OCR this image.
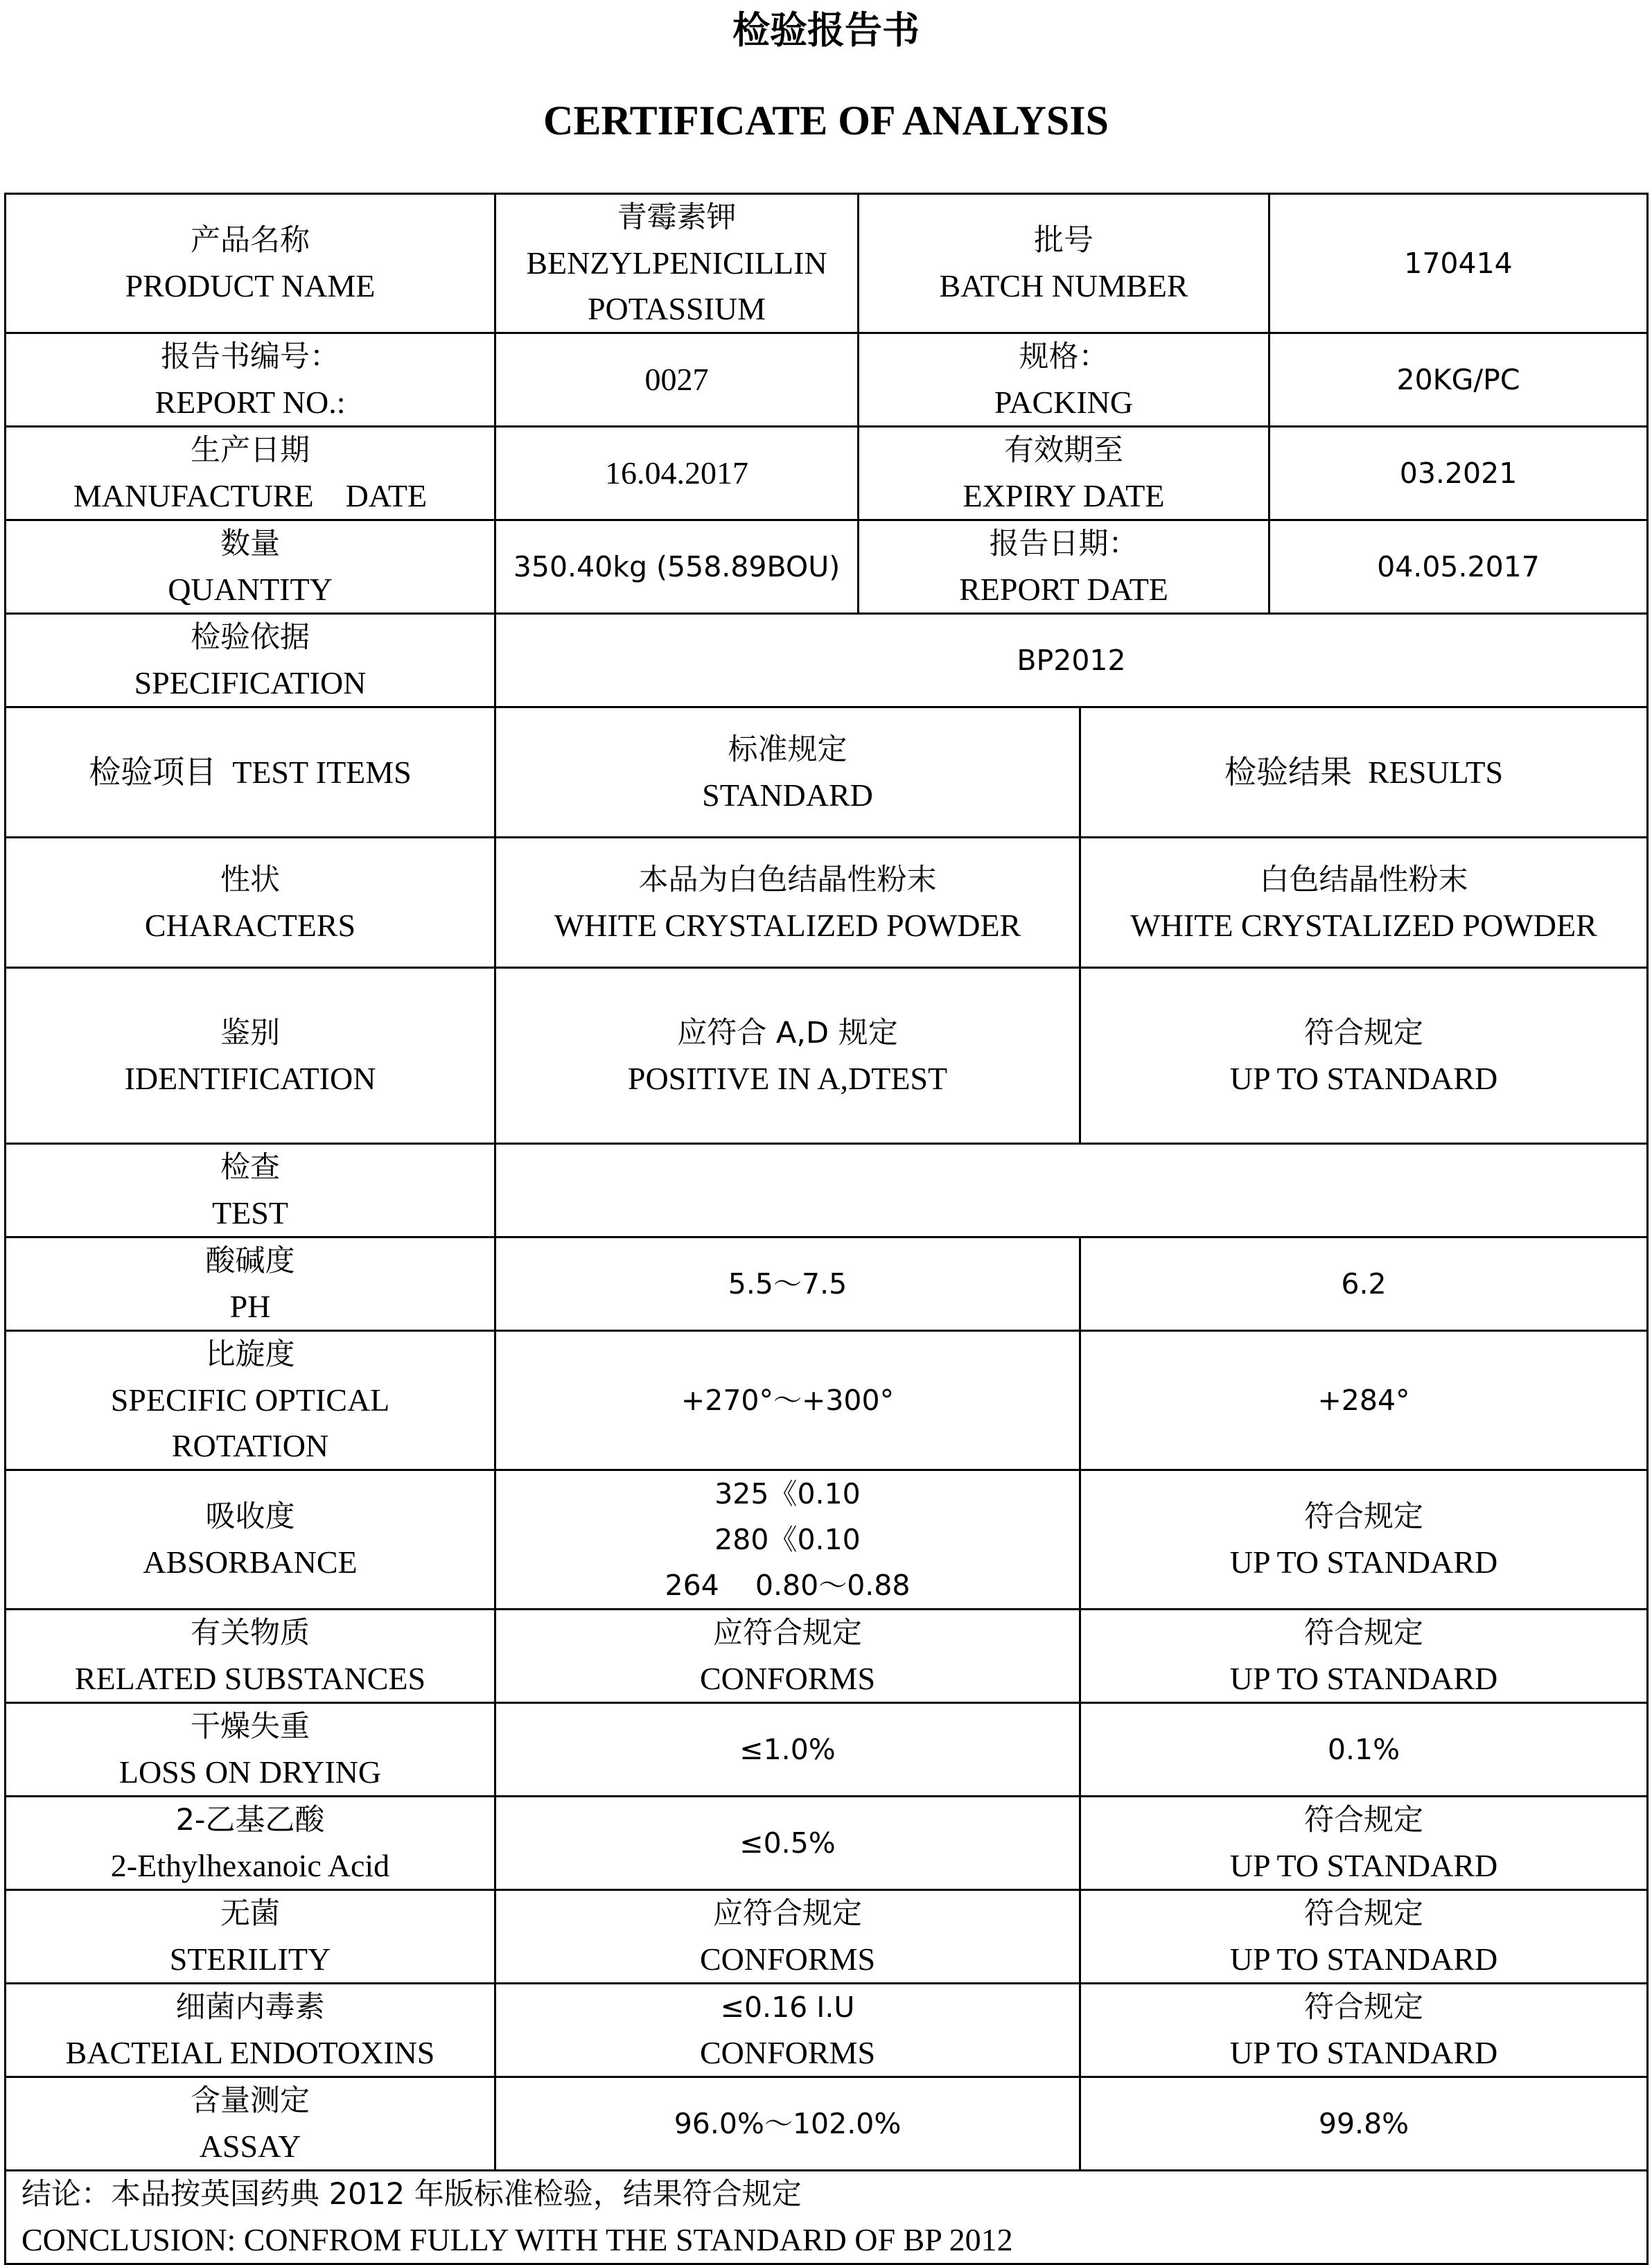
检验报告书
CERTIFICATE OF ANALYSIS
产品名称
PRODUCT NAME	青霉素钾
BENZYLPENICILLIN
POTASSIUM	批号
BATCH NUMBER		170414

报告书编号：
REPORT NO.:	0027	规格：
PACKING		20KG/PC

生产日期
MANUFACTURE    DATE	16.04.2017	有效期至
EXPIRY DATE		03.2021

数量
QUANTITY	350.40kg (558.89BOU)	报告日期：
REPORT DATE		04.05.2017

检验依据
SPECIFICATION	BP2012			
检验项目  TEST ITEMS	标准规定
STANDARD		检验结果  RESULTS	

性状
CHARACTERS	本品为白色结晶性粉末
WHITE CRYSTALIZED POWDER		白色结晶性粉末
WHITE CRYSTALIZED POWDER	

鉴别
IDENTIFICATION	应符合 A,D 规定
POSITIVE IN A,DTEST		符合规定
UP TO STANDARD	

检查
TEST				

酸碱度
PH	5.5～7.5		6.2	

比旋度
SPECIFIC OPTICAL
ROTATION	+270°～+300°		+284°	

吸收度
ABSORBANCE	325《0.10
280《0.10
264    0.80～0.88		符合规定
UP TO STANDARD	

有关物质
RELATED SUBSTANCES	应符合规定
CONFORMS		符合规定
UP TO STANDARD	

干燥失重
LOSS ON DRYING	≤1.0%		0.1%	

2-乙基乙酸
2-Ethylhexanoic Acid	≤0.5%		符合规定
UP TO STANDARD	

无菌
STERILITY	应符合规定
CONFORMS		符合规定
UP TO STANDARD	

细菌内毒素
BACTEIAL ENDOTOXINS	≤0.16 I.U
CONFORMS		符合规定
UP TO STANDARD	

含量测定
ASSAY	96.0%～102.0%		99.8%	

结论：本品按英国药典 2012 年版标准检验，结果符合规定
CONCLUSION: CONFROM FULLY WITH THE STANDARD OF BP 2012				
